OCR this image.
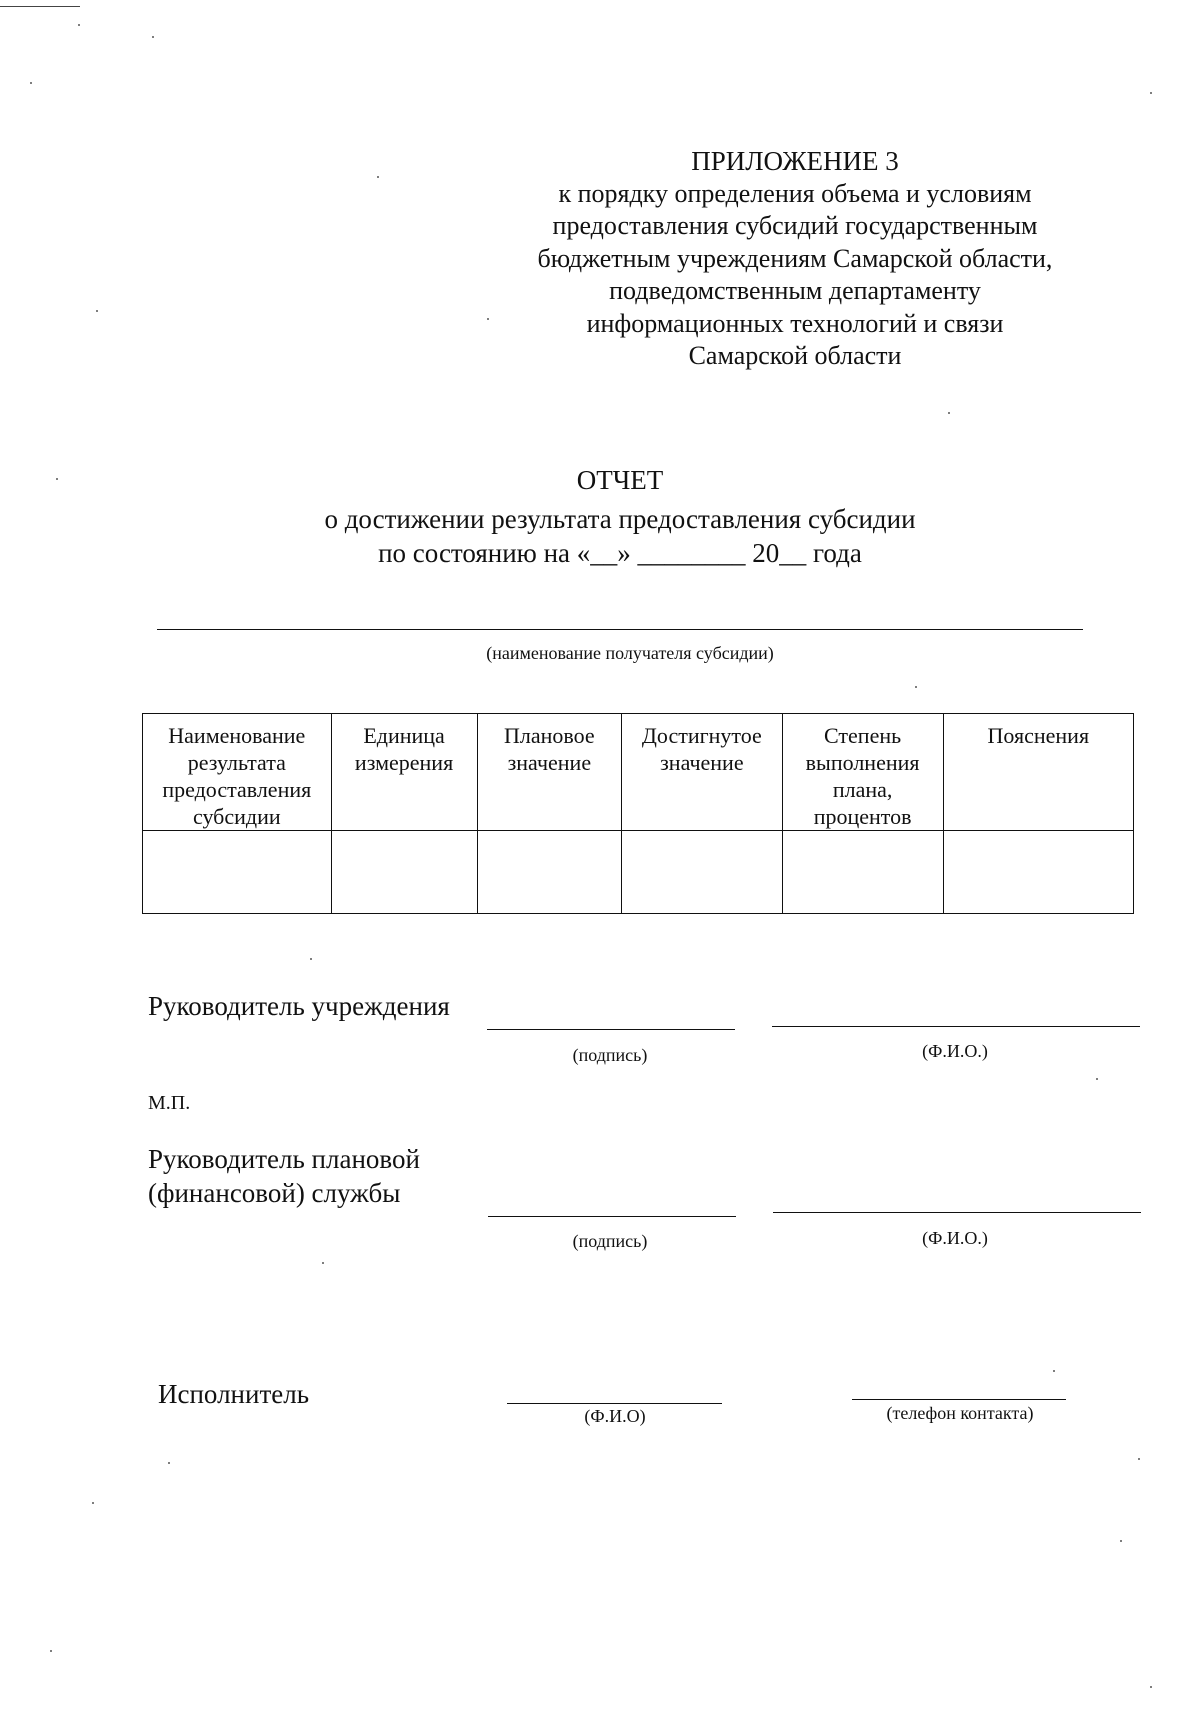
ПРИЛОЖЕНИЕ 3
к порядку определения объема и условиям
предоставления субсидий государственным
бюджетным учреждениям Самарской области,
подведомственным департаменту
информационных технологий и связи
Самарской области
ОТЧЕТ
о достижении результата предоставления субсидии
по состоянию на «__» ________ 20__ года
(наименование получателя субсидии)
Наименование результата предоставления субсидии	Единица измерения	Плановое значение	Достигнутое значение	Степень выполнения плана, процентов	Пояснения

Руководитель учреждения
(подпись)	(Ф.И.О.)
М.П.
Руководитель плановой
(финансовой) службы
(подпись)	(Ф.И.О.)
Исполнитель
(Ф.И.О)	(телефон контакта)
